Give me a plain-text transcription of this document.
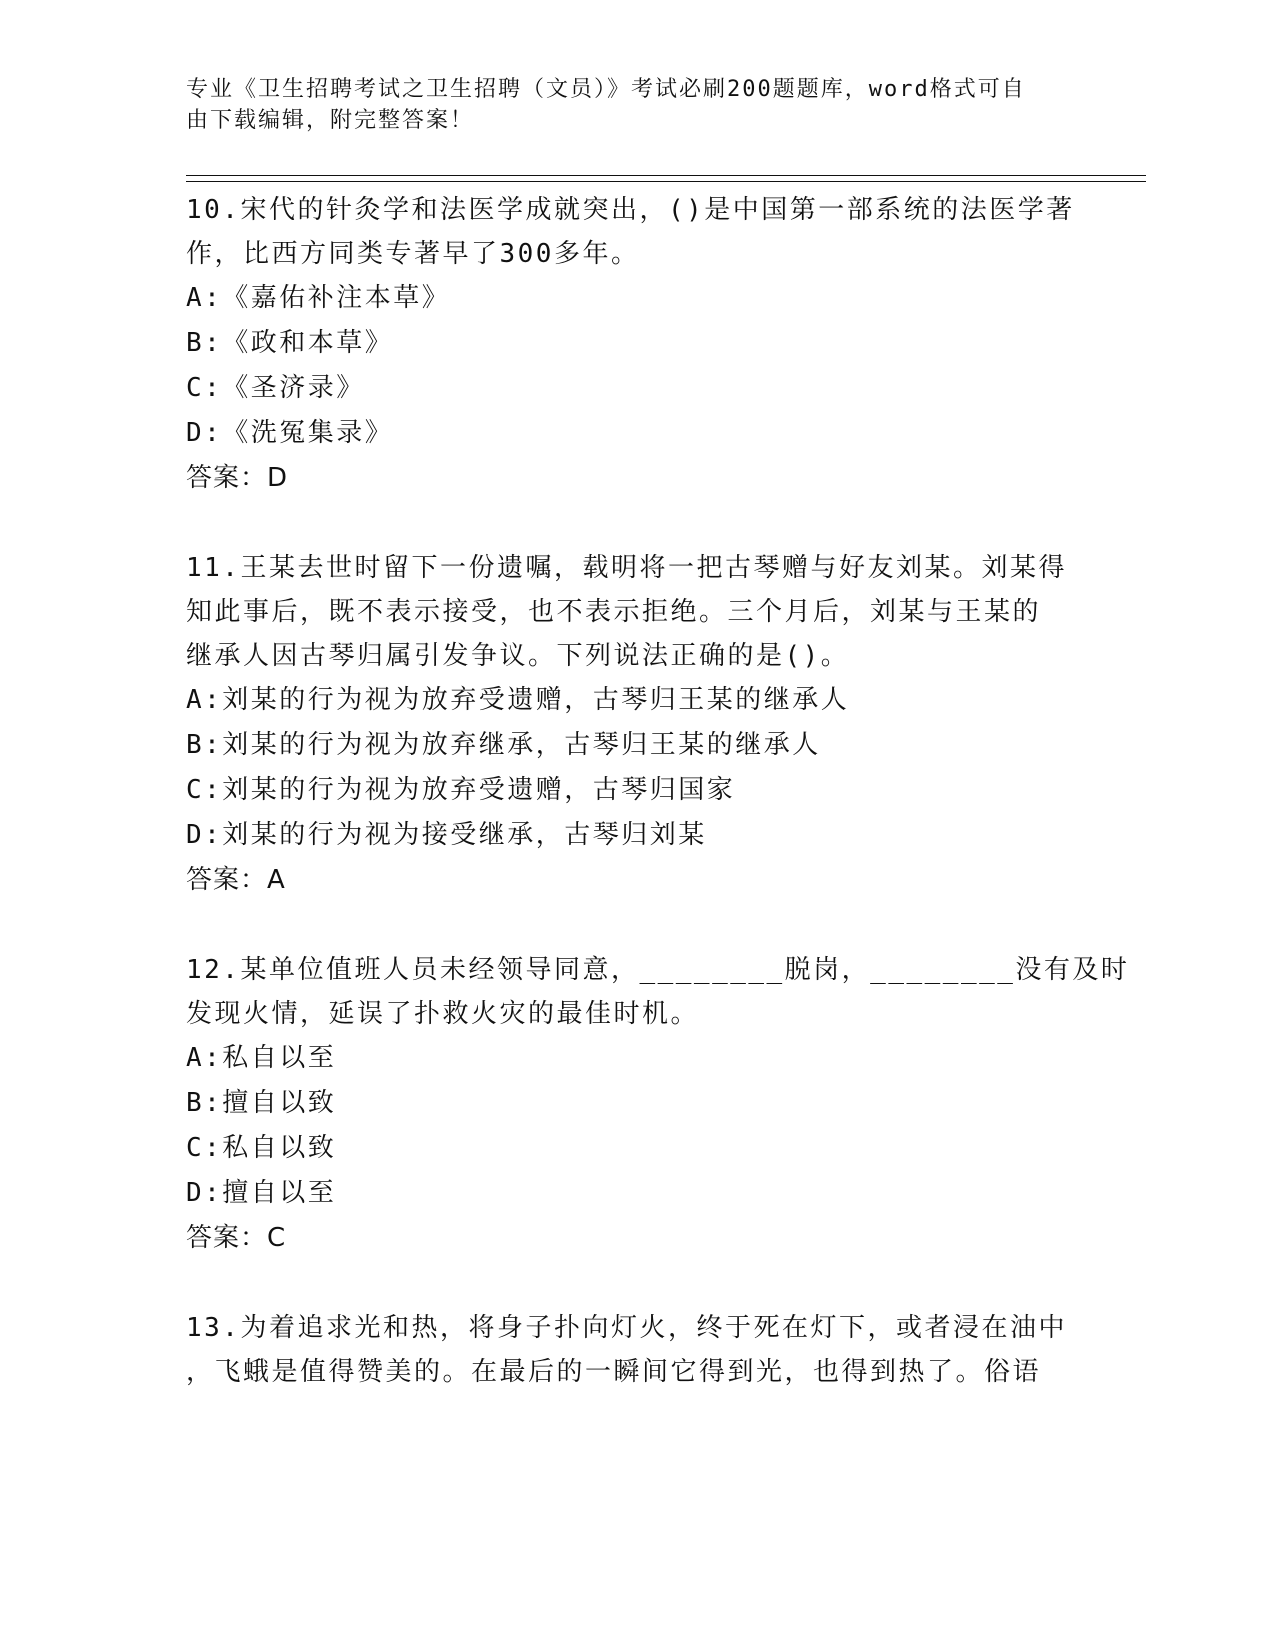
专业《卫生招聘考试之卫生招聘（文员）》考试必刷200题题库，word格式可自
由下载编辑，附完整答案！
10.宋代的针灸学和法医学成就突出，()是中国第一部系统的法医学著
作，比西方同类专著早了300多年。
A:《嘉佑补注本草》
B:《政和本草》
C:《圣济录》
D:《洗冤集录》
答案：D
11.王某去世时留下一份遗嘱，载明将一把古琴赠与好友刘某。刘某得
知此事后，既不表示接受，也不表示拒绝。三个月后，刘某与王某的
继承人因古琴归属引发争议。下列说法正确的是()。
A:刘某的行为视为放弃受遗赠，古琴归王某的继承人
B:刘某的行为视为放弃继承，古琴归王某的继承人
C:刘某的行为视为放弃受遗赠，古琴归国家
D:刘某的行为视为接受继承，古琴归刘某
答案：A
12.某单位值班人员未经领导同意，________脱岗，________没有及时
发现火情，延误了扑救火灾的最佳时机。
A:私自以至
B:擅自以致
C:私自以致
D:擅自以至
答案：C
13.为着追求光和热，将身子扑向灯火，终于死在灯下，或者浸在油中
，飞蛾是值得赞美的。在最后的一瞬间它得到光，也得到热了。俗语
